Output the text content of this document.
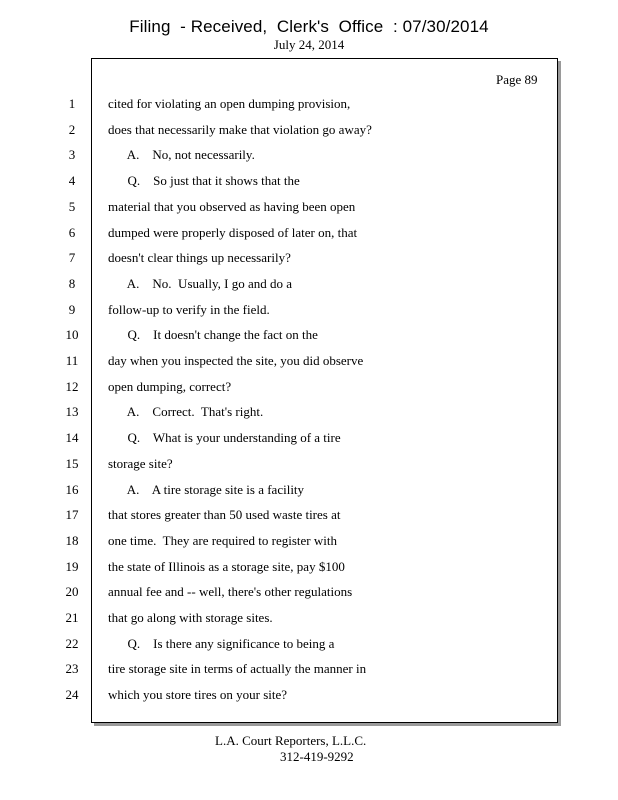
Filing  - Received,  Clerk's  Office  : 07/30/2014
July 24, 2014
Page 89
1	cited for violating an open dumping provision,
2	does that necessarily make that violation go away?
3	A.    No, not necessarily.
4	Q.    So just that it shows that the
5	material that you observed as having been open
6	dumped were properly disposed of later on, that
7	doesn't clear things up necessarily?
8	A.    No.  Usually, I go and do a
9	follow-up to verify in the field.
10	Q.    It doesn't change the fact on the
11	day when you inspected the site, you did observe
12	open dumping, correct?
13	A.    Correct.  That's right.
14	Q.    What is your understanding of a tire
15	storage site?
16	A.    A tire storage site is a facility
17	that stores greater than 50 used waste tires at
18	one time.  They are required to register with
19	the state of Illinois as a storage site, pay $100
20	annual fee and -- well, there's other regulations
21	that go along with storage sites.
22	Q.    Is there any significance to being a
23	tire storage site in terms of actually the manner in
24	which you store tires on your site?
L.A. Court Reporters, L.L.C.
312-419-9292
